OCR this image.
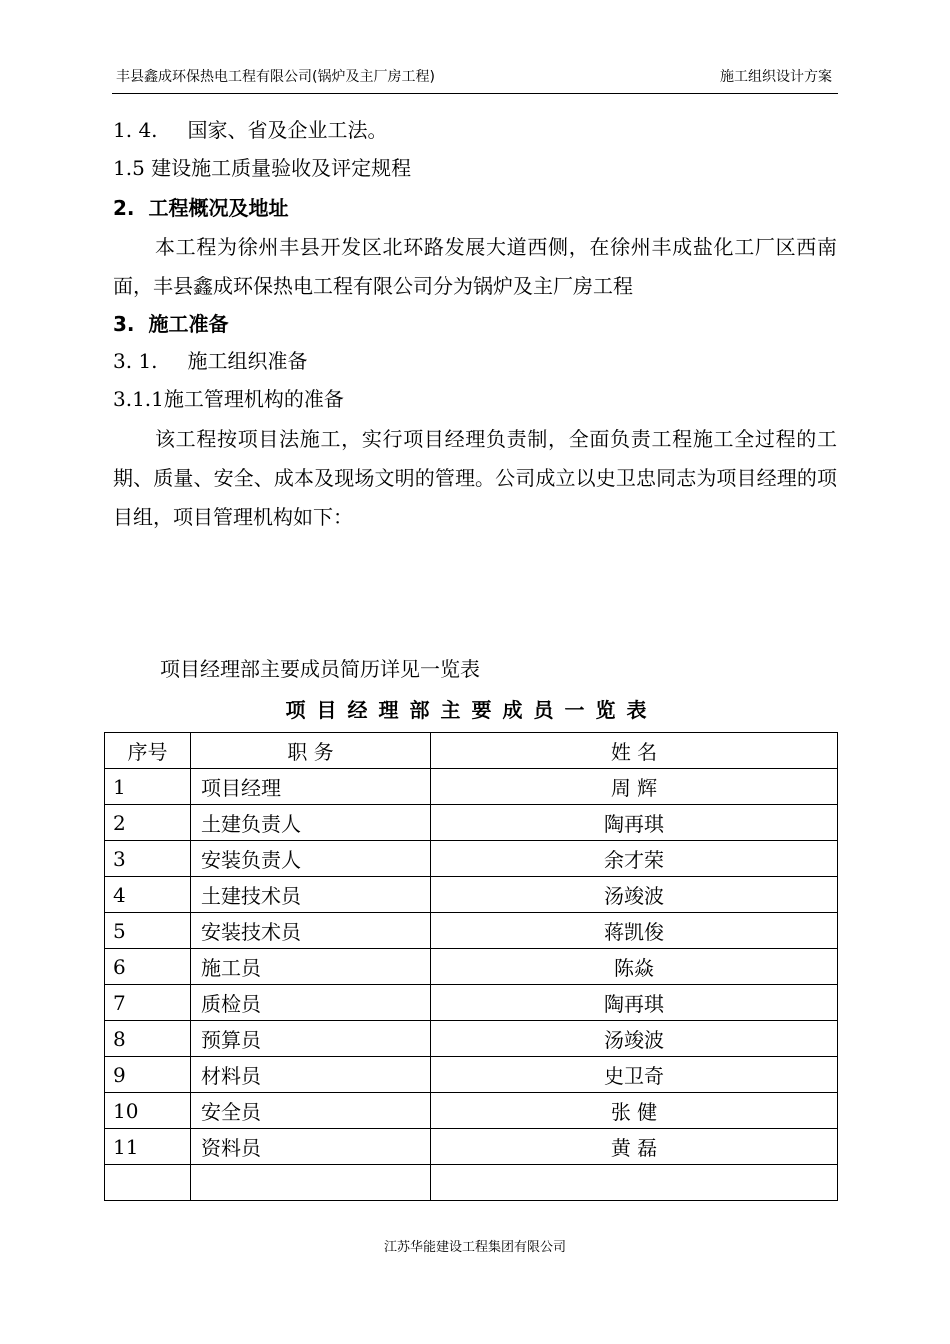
丰县鑫成环保热电工程有限公司(锅炉及主厂房工程)	施工组织设计方案
1. 4. 国家、省及企业工法。
1.5 建设施工质量验收及评定规程
2. 工程概况及地址
本工程为徐州丰县开发区北环路发展大道西侧，在徐州丰成盐化工厂区西南面，丰县鑫成环保热电工程有限公司分为锅炉及主厂房工程
3. 施工准备
3. 1. 施工组织准备
3.1.1施工管理机构的准备
该工程按项目法施工，实行项目经理负责制，全面负责工程施工全过程的工期、质量、安全、成本及现场文明的管理。公司成立以史卫忠同志为项目经理的项目组，项目管理机构如下：
项目经理部主要成员简历详见一览表
项目经理部主要成员一览表
序号	职 务	姓 名
1	项目经理	周 辉
2	土建负责人	陶再琪
3	安装负责人	余才荣
4	土建技术员	汤竣波
5	安装技术员	蒋凯俊
6	施工员	陈焱
7	质检员	陶再琪
8	预算员	汤竣波
9	材料员	史卫奇
10	安全员	张 健
11	资料员	黄 磊

江苏华能建设工程集团有限公司
